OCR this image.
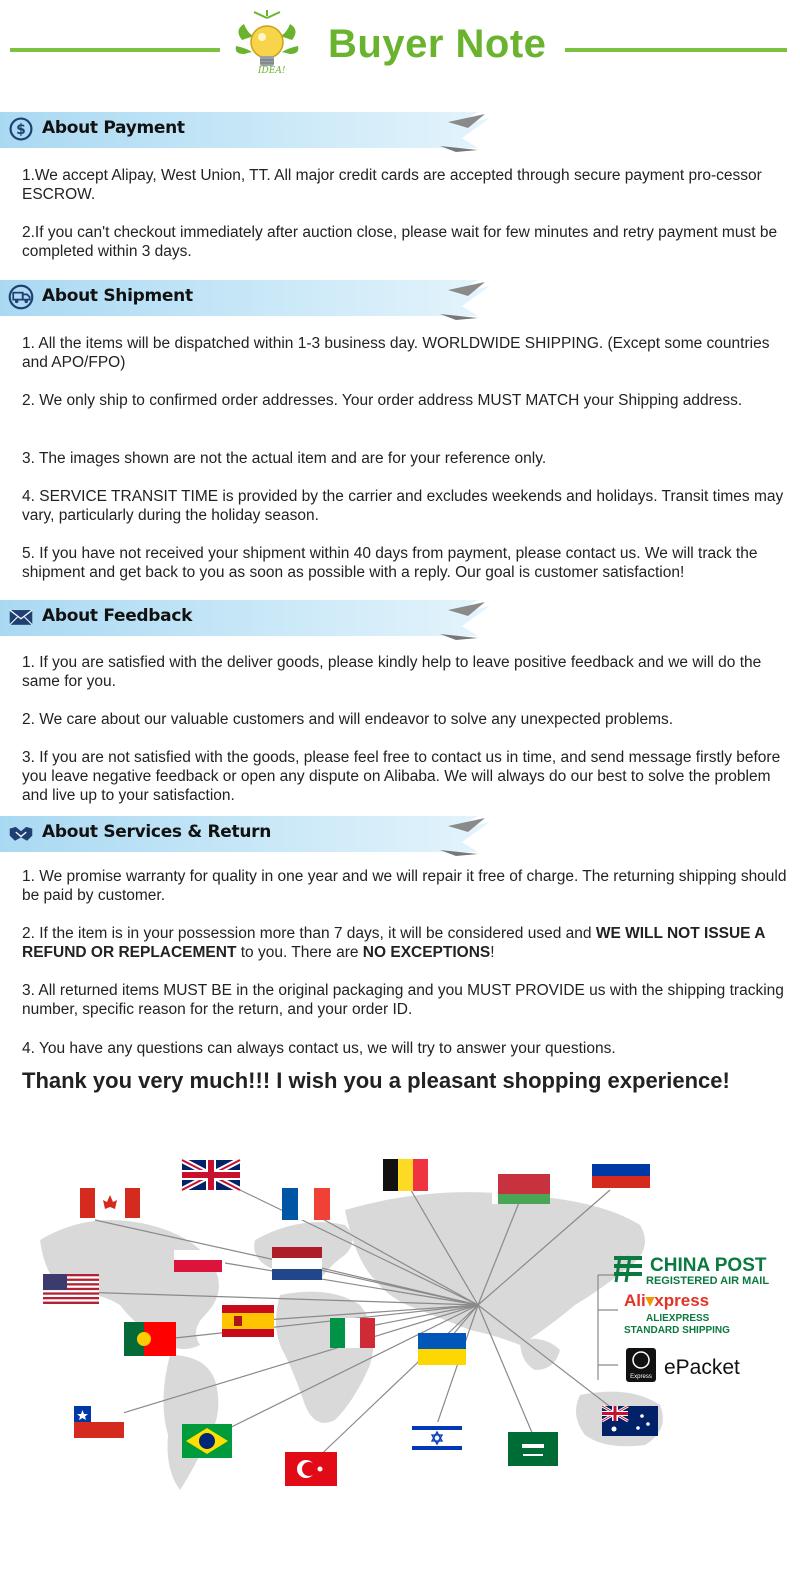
IDEA!
Buyer Note
$ About Payment
1.We accept Alipay, West Union, TT. All major credit cards are accepted through secure payment pro-cessor ESCROW.
2.If you can't checkout immediately after auction close, please wait for few minutes and retry payment must be completed within 3 days.
About Shipment
1. All the items will be dispatched within 1-3 business day. WORLDWIDE SHIPPING. (Except some countries and APO/FPO)
2. We only ship to confirmed order addresses. Your order address MUST MATCH your Shipping address.
3. The images shown are not the actual item and are for your reference only.
4. SERVICE TRANSIT TIME is provided by the carrier and excludes weekends and holidays. Transit times may vary, particularly during the holiday season.
5. If you have not received your shipment within 40 days from payment, please contact us. We will track the shipment and get back to you as soon as possible with a reply. Our goal is customer satisfaction!
About Feedback
1. If you are satisfied with the deliver goods, please kindly help to leave positive feedback and we will do the same for you.
2. We care about our valuable customers and will endeavor to solve any unexpected problems.
3. If you are not satisfied with the goods, please feel free to contact us in time, and send message firstly before you leave negative feedback or open any dispute on Alibaba. We will always do our best to solve the problem and live up to your satisfaction.
About Services & Return
1. We promise warranty for quality in one year and we will repair it free of charge. The returning shipping should be paid by customer.
2. If the item is in your possession more than 7 days, it will be considered used and WE WILL NOT ISSUE A REFUND OR REPLACEMENT to you. There are NO EXCEPTIONS!
3. All returned items MUST BE in the original packaging and you MUST PROVIDE us with the shipping tracking number, specific reason for the return, and your order ID.
4. You have any questions can always contact us, we will try to answer your questions.
Thank you very much!!! I wish you a pleasant shopping experience!
CHINA POST
REGISTERED AIR MAIL
Ali▾xpress
ALIEXPRESS
STANDARD SHIPPING
Express ePacket
